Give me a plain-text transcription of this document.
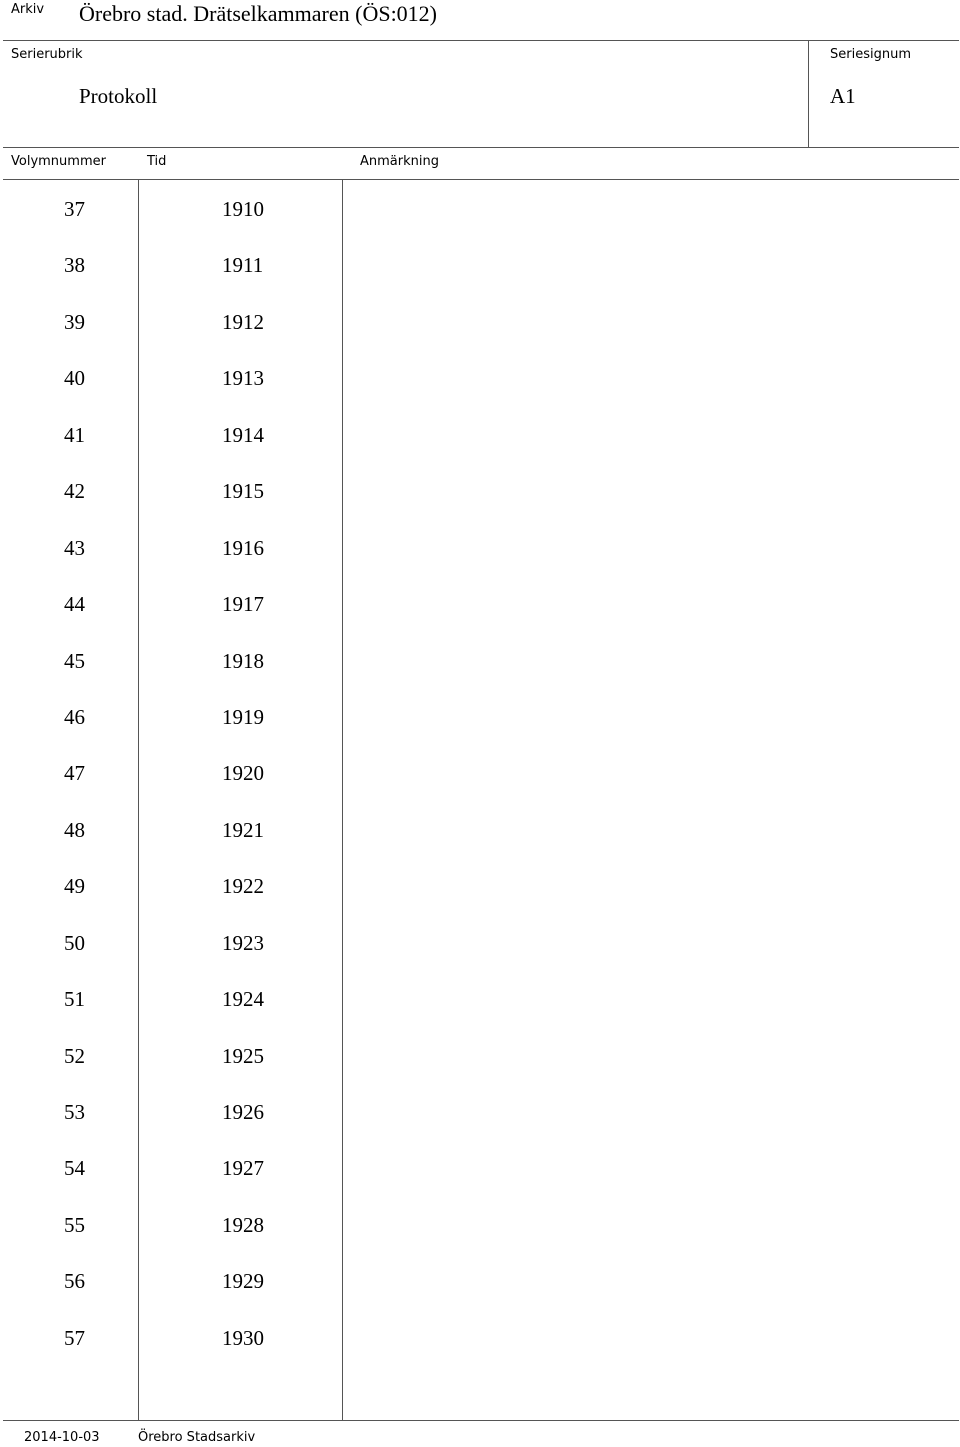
Arkiv Örebro stad. Drätselkammaren (ÖS:012)
Serierubrik
Protokoll
Seriesignum
A1
Volymnummer	Tid	Anmärkning
37	1910
38	1911
39	1912
40	1913
41	1914
42	1915
43	1916
44	1917
45	1918
46	1919
47	1920
48	1921
49	1922
50	1923
51	1924
52	1925
53	1926
54	1927
55	1928
56	1929
57	1930
2014-10-03	Örebro Stadsarkiv
